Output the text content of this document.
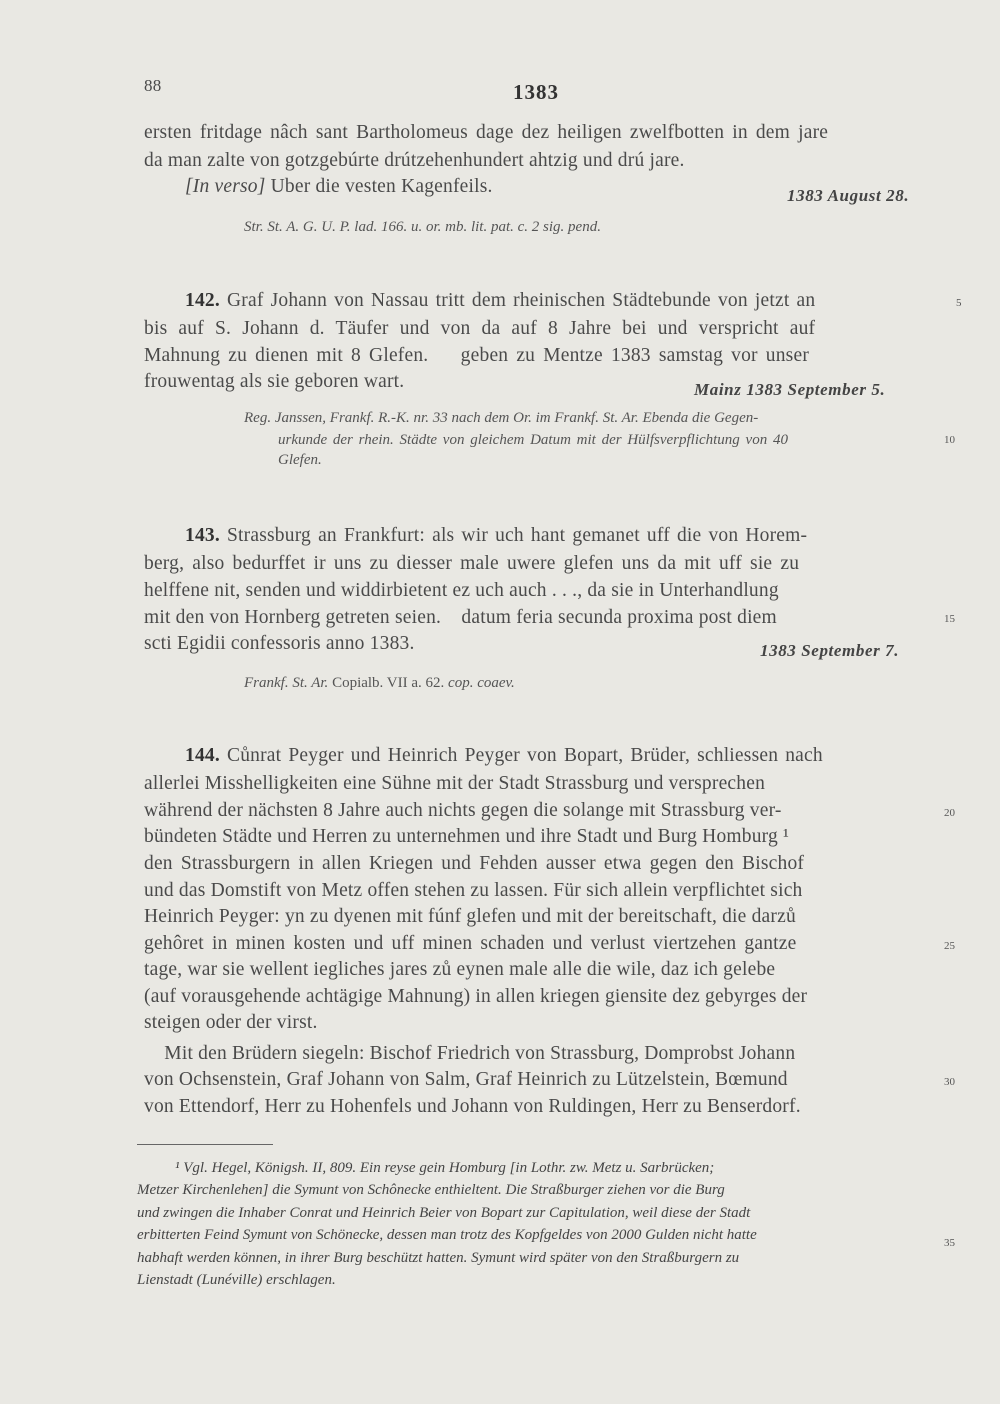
88	1383
ersten fritdage nâch sant Bartholomeus dage dez heiligen zwelfbotten in dem jare
da man zalte von gotzgebúrte drútzehenhundert ahtzig und drú jare.
[In verso] Uber die vesten Kagenfeils.	1383 August 28.
Str. St. A. G. U. P. lad. 166. u. or. mb. lit. pat. c. 2 sig. pend.
142. Graf Johann von Nassau tritt dem rheinischen Städtebunde von jetzt an
bis auf S. Johann d. Täufer und von da auf 8 Jahre bei und verspricht auf
Mahnung zu dienen mit 8 Glefen.    geben zu Mentze 1383 samstag vor unser
frouwentag als sie geboren wart.	Mainz 1383 September 5.
Reg. Janssen, Frankf. R.-K. nr. 33 nach dem Or. im Frankf. St. Ar. Ebenda die Gegen-
urkunde der rhein. Städte von gleichem Datum mit der Hülfsverpflichtung von 40
Glefen.
143. Strassburg an Frankfurt: als wir uch hant gemanet uff die von Horem-
berg, also bedurffet ir uns zu diesser male uwere glefen uns da mit uff sie zu
helffene nit, senden und widdirbietent ez uch auch . . ., da sie in Unterhandlung
mit den von Hornberg getreten seien.    datum feria secunda proxima post diem
scti Egidii confessoris anno 1383.	1383 September 7.
Frankf. St. Ar. Copialb. VII a. 62. cop. coaev.
144. Cůnrat Peyger und Heinrich Peyger von Bopart, Brüder, schliessen nach
allerlei Misshelligkeiten eine Sühne mit der Stadt Strassburg und versprechen
während der nächsten 8 Jahre auch nichts gegen die solange mit Strassburg ver-
bündeten Städte und Herren zu unternehmen und ihre Stadt und Burg Homburg ¹
den Strassburgern in allen Kriegen und Fehden ausser etwa gegen den Bischof
und das Domstift von Metz offen stehen zu lassen. Für sich allein verpflichtet sich
Heinrich Peyger: yn zu dyenen mit fúnf glefen und mit der bereitschaft, die darzů
gehôret in minen kosten und uff minen schaden und verlust viertzehen gantze
tage, war sie wellent iegliches jares zů eynen male alle die wile, daz ich gelebe
(auf vorausgehende achtägige Mahnung) in allen kriegen giensite dez gebyrges der
steigen oder der virst.
Mit den Brüdern siegeln: Bischof Friedrich von Strassburg, Domprobst Johann
von Ochsenstein, Graf Johann von Salm, Graf Heinrich zu Lützelstein, Bœmund
von Ettendorf, Herr zu Hohenfels und Johann von Ruldingen, Herr zu Benserdorf.
¹ Vgl. Hegel, Königsh. II, 809. Ein reyse gein Homburg [in Lothr. zw. Metz u. Sarbrücken;
Metzer Kirchenlehen] die Symunt von Schônecke enthieltent. Die Straßburger ziehen vor die Burg
und zwingen die Inhaber Conrat und Heinrich Beier von Bopart zur Capitulation, weil diese der Stadt
erbitterten Feind Symunt von Schönecke, dessen man trotz des Kopfgeldes von 2000 Gulden nicht hatte
habhaft werden können, in ihrer Burg beschützt hatten. Symunt wird später von den Straßburgern zu
Lienstadt (Lunéville) erschlagen.
5
10
15
20
25
30
35
